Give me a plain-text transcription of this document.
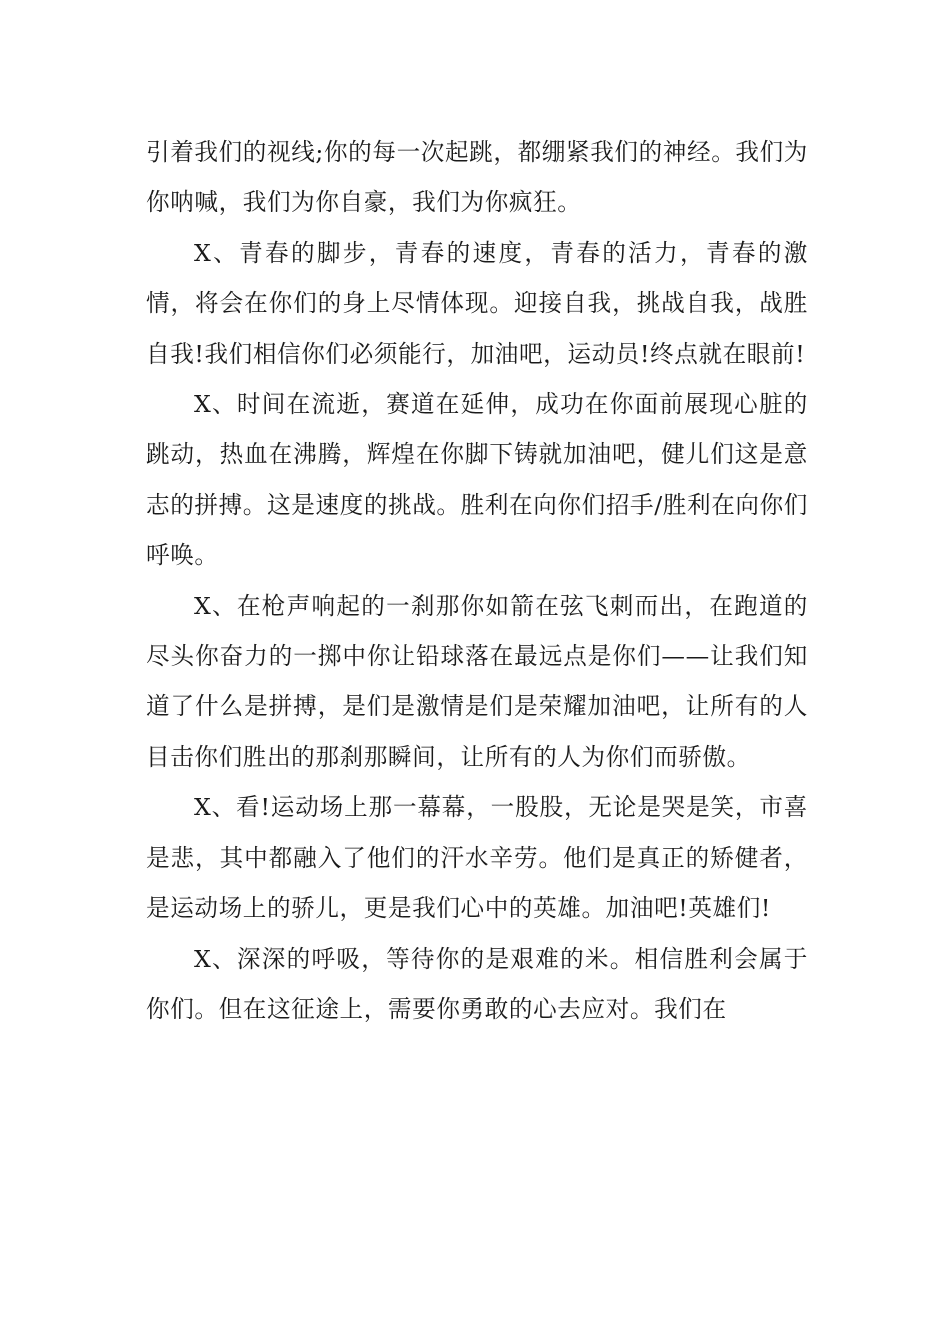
引着我们的视线;你的每一次起跳，都绷紧我们的神经。我们为你呐喊，我们为你自豪，我们为你疯狂。

X、青春的脚步，青春的速度，青春的活力，青春的激情，将会在你们的身上尽情体现。迎接自我，挑战自我，战胜自我!我们相信你们必须能行，加油吧，运动员!终点就在眼前!

X、时间在流逝，赛道在延伸，成功在你面前展现心脏的跳动，热血在沸腾，辉煌在你脚下铸就加油吧，健儿们这是意志的拼搏。这是速度的挑战。胜利在向你们招手/胜利在向你们呼唤。

X、在枪声响起的一刹那你如箭在弦飞刺而出，在跑道的尽头你奋力的一掷中你让铅球落在最远点是你们——让我们知道了什么是拼搏，是们是激情是们是荣耀加油吧，让所有的人目击你们胜出的那刹那瞬间，让所有的人为你们而骄傲。

X、看!运动场上那一幕幕，一股股，无论是哭是笑，市喜是悲，其中都融入了他们的汗水辛劳。他们是真正的矫健者，是运动场上的骄儿，更是我们心中的英雄。加油吧!英雄们!

X、深深的呼吸，等待你的是艰难的米。相信胜利会属于你们。但在这征途上，需要你勇敢的心去应对。我们在
